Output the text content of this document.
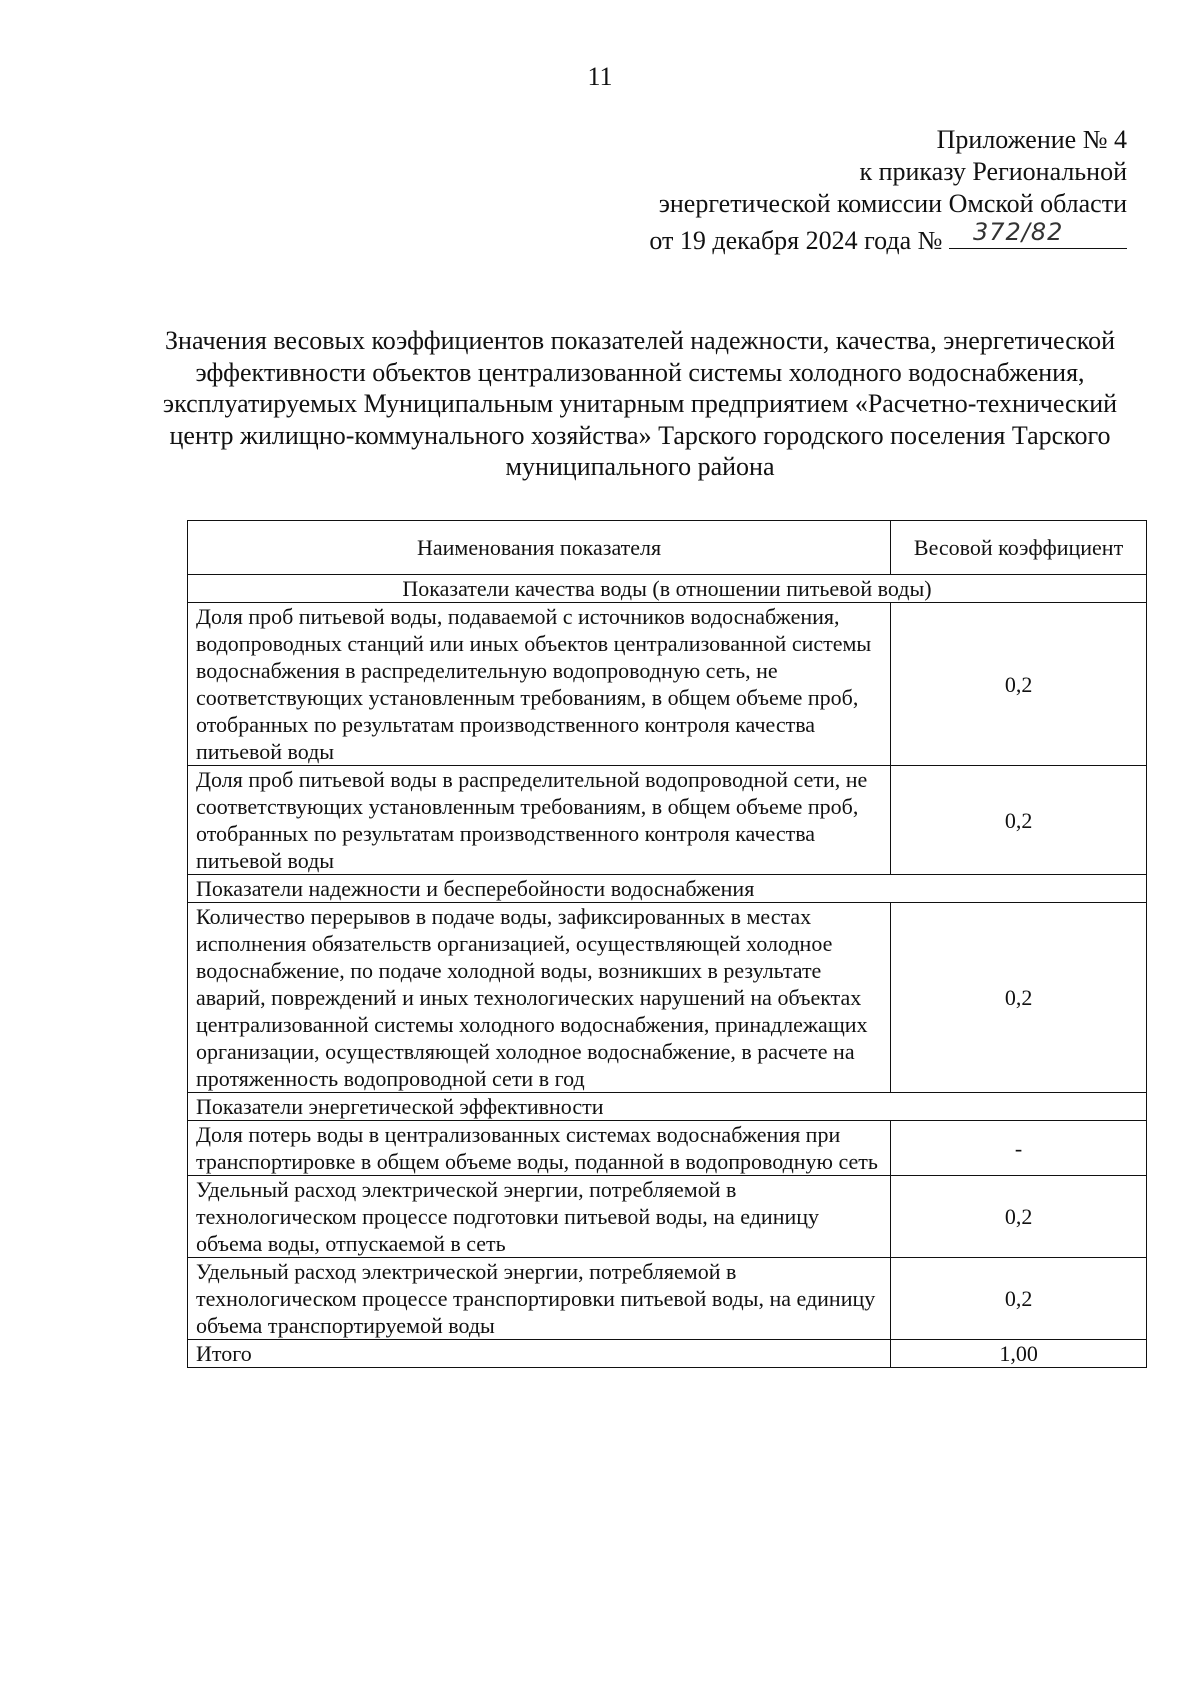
11
Приложение № 4
к приказу Региональной
энергетической комиссии Омской области
от 19 декабря 2024 года № 372/82
Значения весовых коэффициентов показателей надежности, качества, энергетической эффективности объектов централизованной системы холодного водоснабжения, эксплуатируемых Муниципальным унитарным предприятием «Расчетно-технический центр жилищно-коммунального хозяйства» Тарского городского поселения Тарского муниципального района
Наименования показателя	Весовой коэффициент
Показатели качества воды (в отношении питьевой воды)	
Доля проб питьевой воды, подаваемой с источников водоснабжения, водопроводных станций или иных объектов централизованной системы водоснабжения в распределительную водопроводную сеть, не соответствующих установленным требованиям, в общем объеме проб, отобранных по результатам производственного контроля качества питьевой воды	0,2
Доля проб питьевой воды в распределительной водопроводной сети, не соответствующих установленным требованиям, в общем объеме проб, отобранных по результатам производственного контроля качества питьевой воды	0,2
Показатели надежности и бесперебойности водоснабжения	
Количество перерывов в подаче воды, зафиксированных в местах исполнения обязательств организацией, осуществляющей холодное водоснабжение, по подаче холодной воды, возникших в результате аварий, повреждений и иных технологических нарушений на объектах централизованной системы холодного водоснабжения, принадлежащих организации, осуществляющей холодное водоснабжение, в расчете на протяженность водопроводной сети в год	0,2
Показатели энергетической эффективности	
Доля потерь воды в централизованных системах водоснабжения при транспортировке в общем объеме воды, поданной в водопроводную сеть	-
Удельный расход электрической энергии, потребляемой в технологическом процессе подготовки питьевой воды, на единицу объема воды, отпускаемой в сеть	0,2
Удельный расход электрической энергии, потребляемой в технологическом процессе транспортировки питьевой воды, на единицу объема транспортируемой воды	0,2
Итого	1,00
